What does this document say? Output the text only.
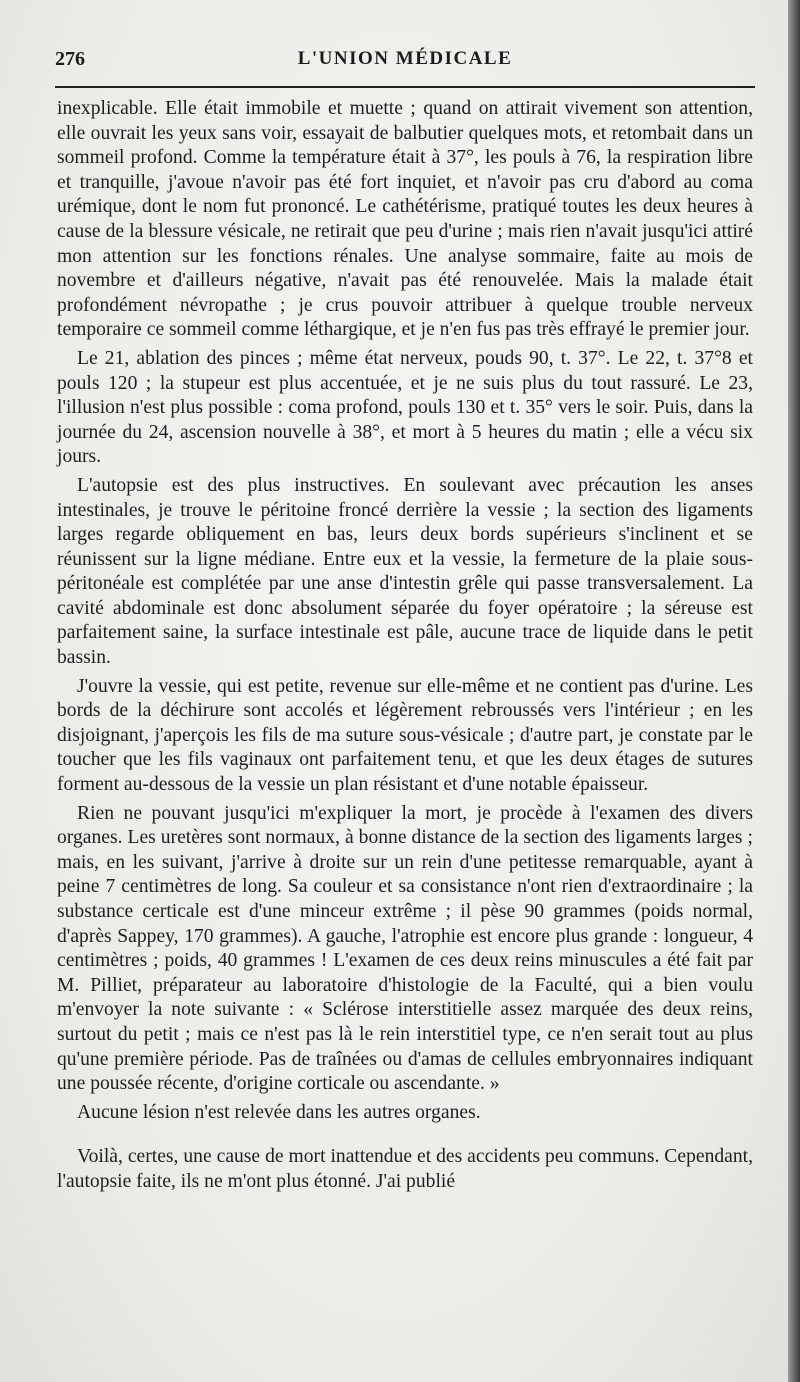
276	L'UNION MÉDICALE

inexplicable. Elle était immobile et muette ; quand on attirait vivement son attention, elle ouvrait les yeux sans voir, essayait de balbutier quelques mots, et retombait dans un sommeil profond. Comme la température était à 37°, les pouls à 76, la respiration libre et tranquille, j'avoue n'avoir pas été fort inquiet, et n'avoir pas cru d'abord au coma urémique, dont le nom fut prononcé. Le cathétérisme, pratiqué toutes les deux heures à cause de la blessure vésicale, ne retirait que peu d'urine ; mais rien n'avait jusqu'ici attiré mon attention sur les fonctions rénales. Une analyse sommaire, faite au mois de novembre et d'ailleurs négative, n'avait pas été renouvelée. Mais la malade était profondément névropathe ; je crus pouvoir attribuer à quelque trouble nerveux temporaire ce sommeil comme léthargique, et je n'en fus pas très effrayé le premier jour.

Le 21, ablation des pinces ; même état nerveux, pouds 90, t. 37°. Le 22, t. 37°8 et pouls 120 ; la stupeur est plus accentuée, et je ne suis plus du tout rassuré. Le 23, l'illusion n'est plus possible : coma profond, pouls 130 et t. 35° vers le soir. Puis, dans la journée du 24, ascension nouvelle à 38°, et mort à 5 heures du matin ; elle a vécu six jours.

L'autopsie est des plus instructives. En soulevant avec précaution les anses intestinales, je trouve le péritoine froncé derrière la vessie ; la section des ligaments larges regarde obliquement en bas, leurs deux bords supérieurs s'inclinent et se réunissent sur la ligne médiane. Entre eux et la vessie, la fermeture de la plaie sous-péritonéale est complétée par une anse d'intestin grêle qui passe transversalement. La cavité abdominale est donc absolument séparée du foyer opératoire ; la séreuse est parfaitement saine, la surface intestinale est pâle, aucune trace de liquide dans le petit bassin.

J'ouvre la vessie, qui est petite, revenue sur elle-même et ne contient pas d'urine. Les bords de la déchirure sont accolés et légèrement rebroussés vers l'intérieur ; en les disjoignant, j'aperçois les fils de ma suture sous-vésicale ; d'autre part, je constate par le toucher que les fils vaginaux ont parfaitement tenu, et que les deux étages de sutures forment au-dessous de la vessie un plan résistant et d'une notable épaisseur.

Rien ne pouvant jusqu'ici m'expliquer la mort, je procède à l'examen des divers organes. Les uretères sont normaux, à bonne distance de la section des ligaments larges ; mais, en les suivant, j'arrive à droite sur un rein d'une petitesse remarquable, ayant à peine 7 centimètres de long. Sa couleur et sa consistance n'ont rien d'extraordinaire ; la substance certicale est d'une minceur extrême ; il pèse 90 grammes (poids normal, d'après Sappey, 170 grammes). A gauche, l'atrophie est encore plus grande : longueur, 4 centimètres ; poids, 40 grammes ! L'examen de ces deux reins minuscules a été fait par M. Pilliet, préparateur au laboratoire d'histologie de la Faculté, qui a bien voulu m'envoyer la note suivante : « Sclérose interstitielle assez marquée des deux reins, surtout du petit ; mais ce n'est pas là le rein interstitiel type, ce n'en serait tout au plus qu'une première période. Pas de traînées ou d'amas de cellules embryonnaires indiquant une poussée récente, d'origine corticale ou ascendante. »

Aucune lésion n'est relevée dans les autres organes.

Voilà, certes, une cause de mort inattendue et des accidents peu communs. Cependant, l'autopsie faite, ils ne m'ont plus étonné. J'ai publié
